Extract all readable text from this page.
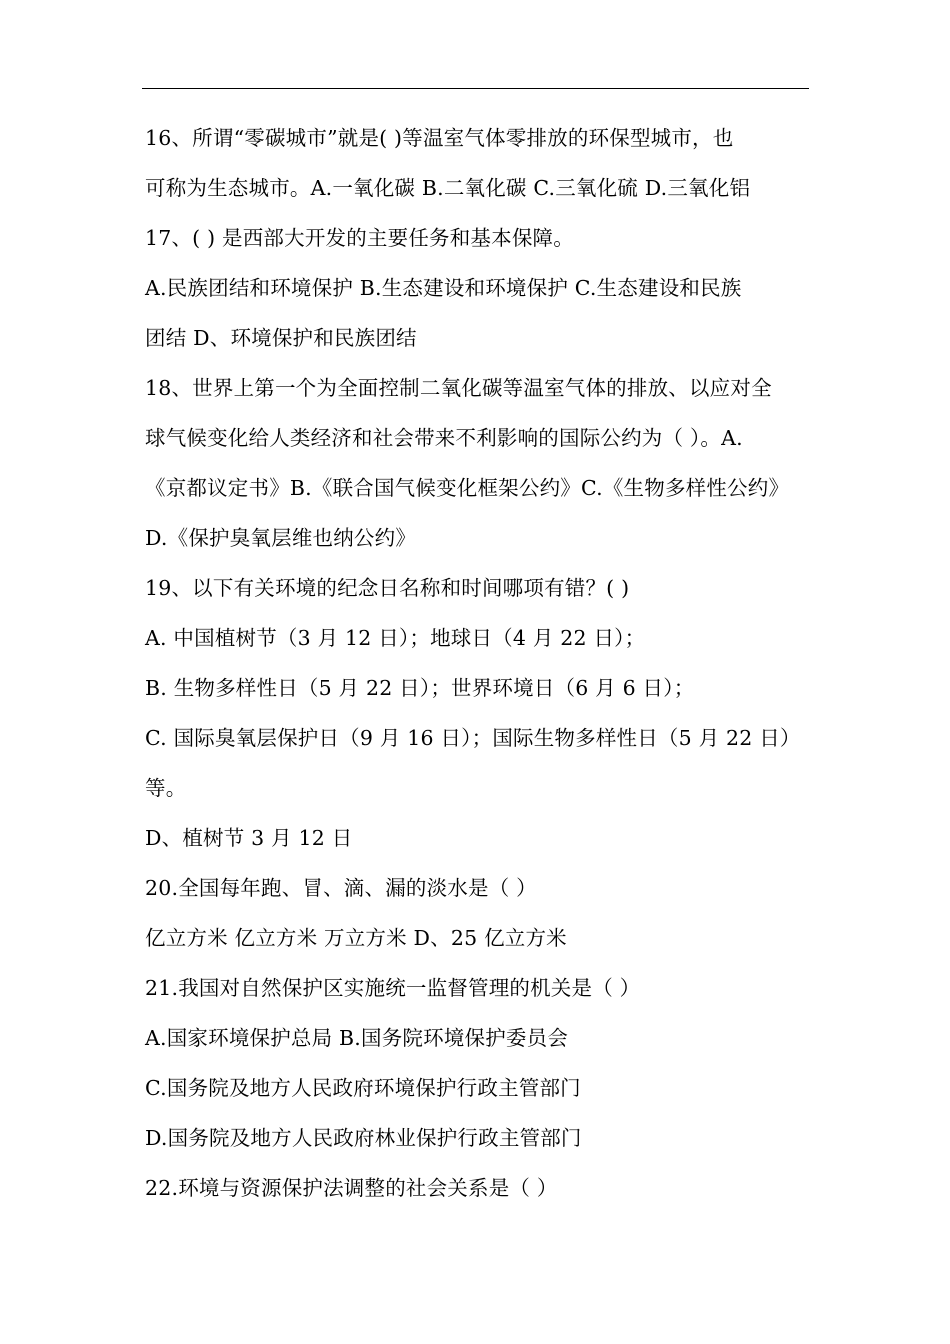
16、所谓“零碳城市”就是( )等温室气体零排放的环保型城市，也
可称为生态城市。A.一氧化碳 B.二氧化碳 C.三氧化硫 D.三氧化铝
17、( ) 是西部大开发的主要任务和基本保障。
A.民族团结和环境保护 B.生态建设和环境保护 C.生态建设和民族
团结 D、环境保护和民族团结
18、世界上第一个为全面控制二氧化碳等温室气体的排放、以应对全
球气候变化给人类经济和社会带来不利影响的国际公约为（ ）。A.
《京都议定书》B.《联合国气候变化框架公约》C.《生物多样性公约》
D.《保护臭氧层维也纳公约》
19、以下有关环境的纪念日名称和时间哪项有错？( )
A. 中国植树节（3 月 12 日）；地球日（4 月 22 日）；
B. 生物多样性日（5 月 22 日）；世界环境日（6 月 6 日）；
C. 国际臭氧层保护日（9 月 16 日）；国际生物多样性日（5 月 22 日）
等。
D、植树节 3 月 12 日
20.全国每年跑、冒、滴、漏的淡水是（ ）
亿立方米 亿立方米 万立方米 D、25 亿立方米
21.我国对自然保护区实施统一监督管理的机关是（ ）
A.国家环境保护总局 B.国务院环境保护委员会
C.国务院及地方人民政府环境保护行政主管部门
D.国务院及地方人民政府林业保护行政主管部门
22.环境与资源保护法调整的社会关系是（ ）
